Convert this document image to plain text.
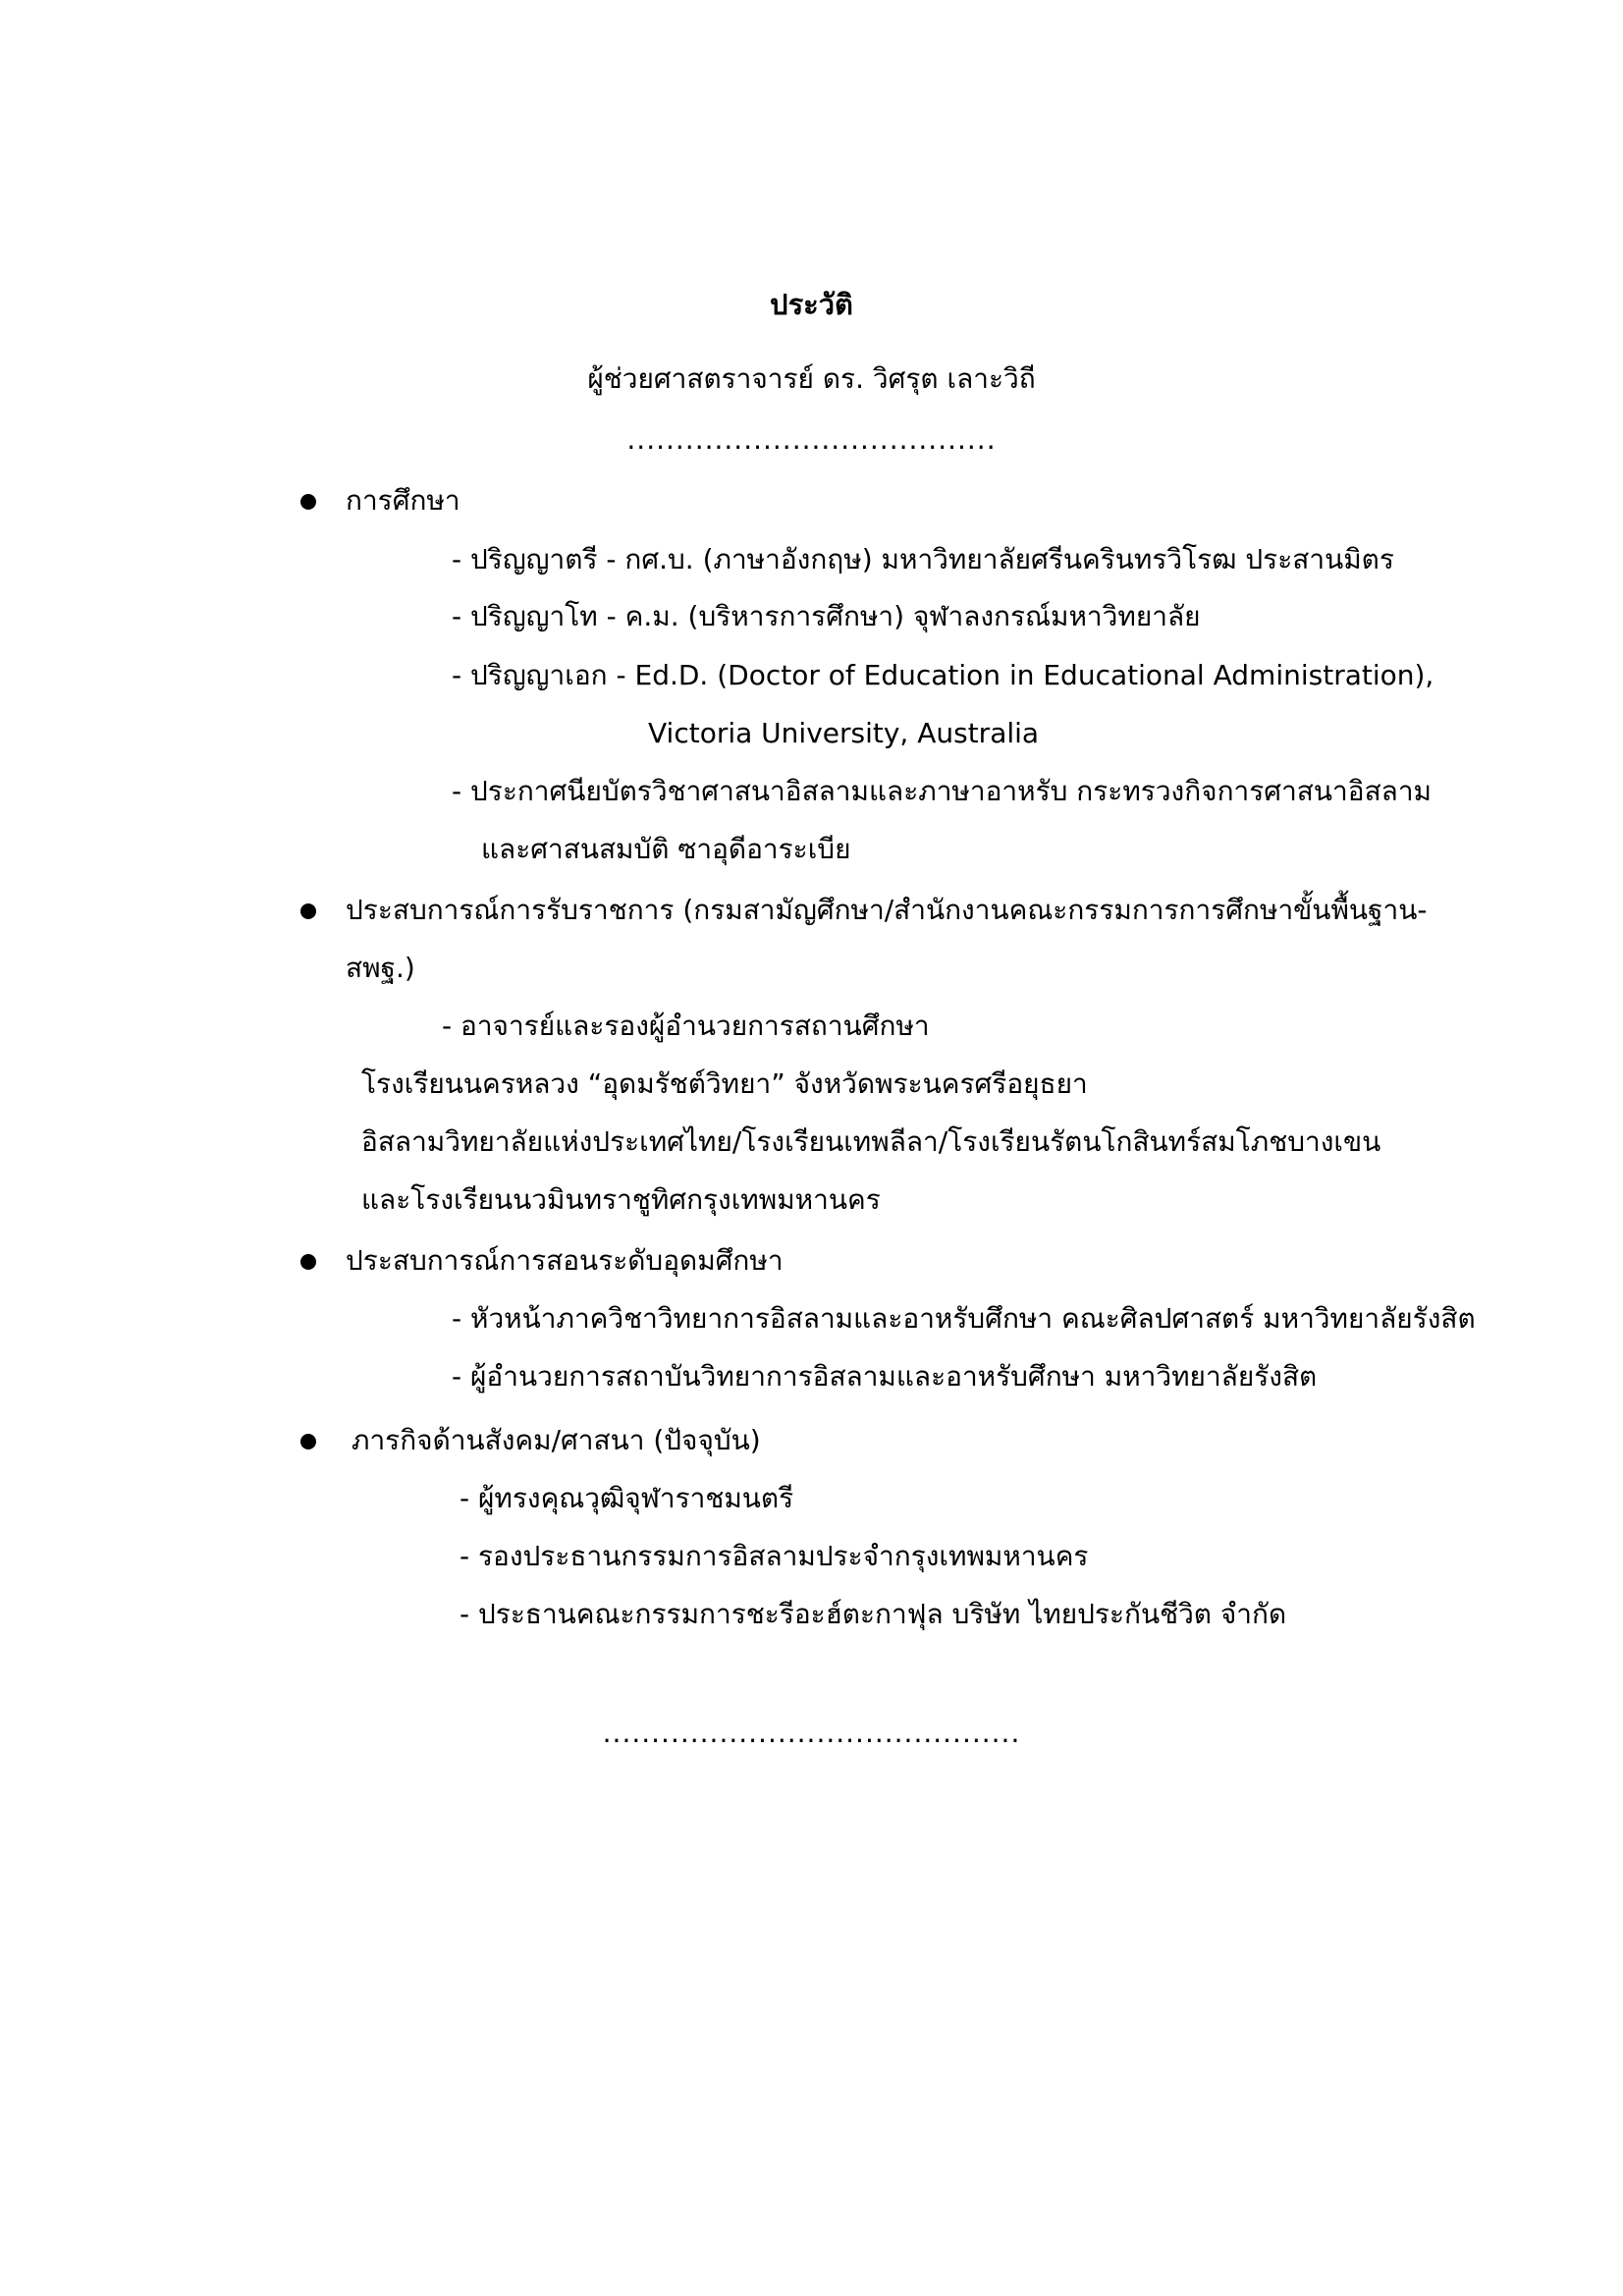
ประวัติ
ผู้ช่วยศาสตราจารย์ ดร. วิศรุต เลาะวิถี
......................................
การศึกษา
- ปริญญาตรี - กศ.บ. (ภาษาอังกฤษ) มหาวิทยาลัยศรีนครินทรวิโรฒ ประสานมิตร
- ปริญญาโท - ค.ม. (บริหารการศึกษา) จุฬาลงกรณ์มหาวิทยาลัย
- ปริญญาเอก - Ed.D. (Doctor of Education in Educational Administration),
Victoria University, Australia
- ประกาศนียบัตรวิชาศาสนาอิสลามและภาษาอาหรับ กระทรวงกิจการศาสนาอิสลาม
และศาสนสมบัติ ซาอุดีอาระเบีย
ประสบการณ์การรับราชการ (กรมสามัญศึกษา/สำนักงานคณะกรรมการการศึกษาขั้นพื้นฐาน-
สพฐ.)
- อาจารย์และรองผู้อำนวยการสถานศึกษา
โรงเรียนนครหลวง “อุดมรัชต์วิทยา” จังหวัดพระนครศรีอยุธยา
อิสลามวิทยาลัยแห่งประเทศไทย/โรงเรียนเทพลีลา/โรงเรียนรัตนโกสินทร์สมโภชบางเขน
และโรงเรียนนวมินทราชูทิศกรุงเทพมหานคร
ประสบการณ์การสอนระดับอุดมศึกษา
- หัวหน้าภาควิชาวิทยาการอิสลามและอาหรับศึกษา คณะศิลปศาสตร์ มหาวิทยาลัยรังสิต
- ผู้อำนวยการสถาบันวิทยาการอิสลามและอาหรับศึกษา มหาวิทยาลัยรังสิต
ภารกิจด้านสังคม/ศาสนา (ปัจจุบัน)
- ผู้ทรงคุณวุฒิจุฬาราชมนตรี
- รองประธานกรรมการอิสลามประจำกรุงเทพมหานคร
- ประธานคณะกรรมการชะรีอะฮ์ตะกาฟุล บริษัท ไทยประกันชีวิต จำกัด
...........................................
